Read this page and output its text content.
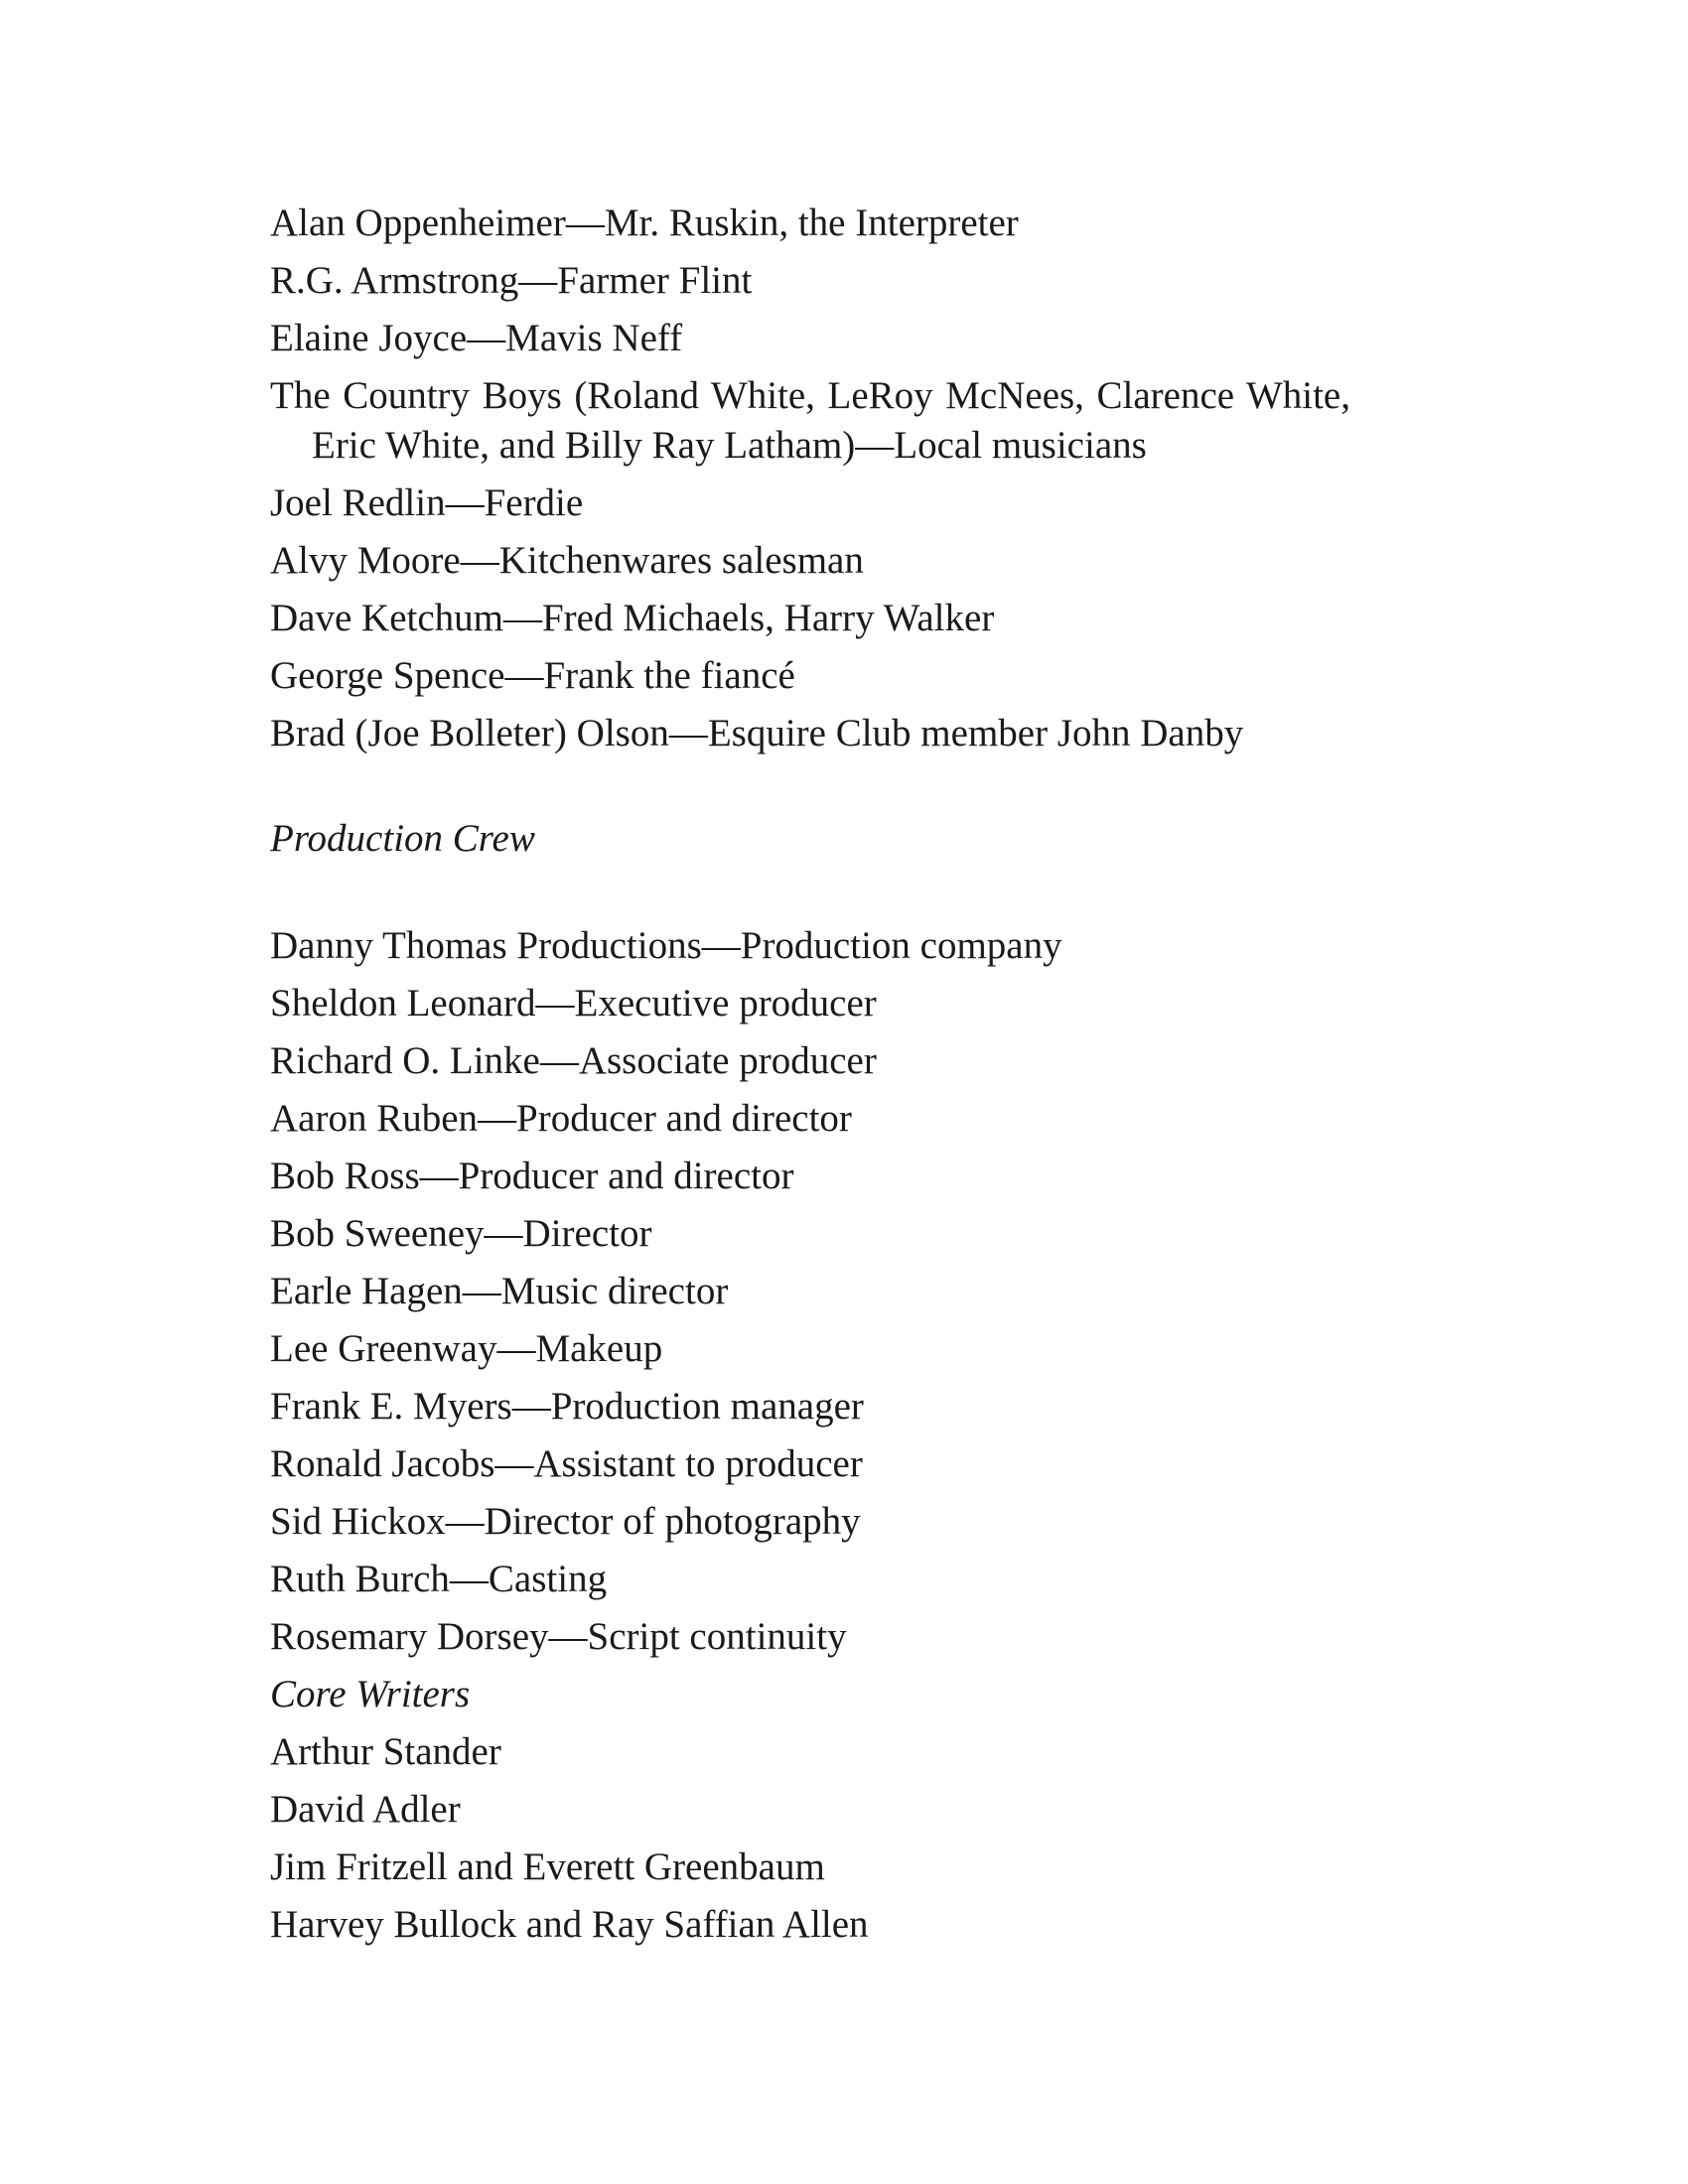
Alan Oppenheimer—Mr. Ruskin, the Interpreter

R.G. Armstrong—Farmer Flint

Elaine Joyce—Mavis Neff

The Country Boys (Roland White, LeRoy McNees, Clarence White, Eric White, and Billy Ray Latham)—Local musicians

Joel Redlin—Ferdie

Alvy Moore—Kitchenwares salesman

Dave Ketchum—Fred Michaels, Harry Walker

George Spence—Frank the fiancé

Brad (Joe Bolleter) Olson—Esquire Club member John Danby

Production Crew

Danny Thomas Productions—Production company

Sheldon Leonard—Executive producer

Richard O. Linke—Associate producer

Aaron Ruben—Producer and director

Bob Ross—Producer and director

Bob Sweeney—Director

Earle Hagen—Music director

Lee Greenway—Makeup

Frank E. Myers—Production manager

Ronald Jacobs—Assistant to producer

Sid Hickox—Director of photography

Ruth Burch—Casting

Rosemary Dorsey—Script continuity

Core Writers

Arthur Stander

David Adler

Jim Fritzell and Everett Greenbaum

Harvey Bullock and Ray Saffian Allen
